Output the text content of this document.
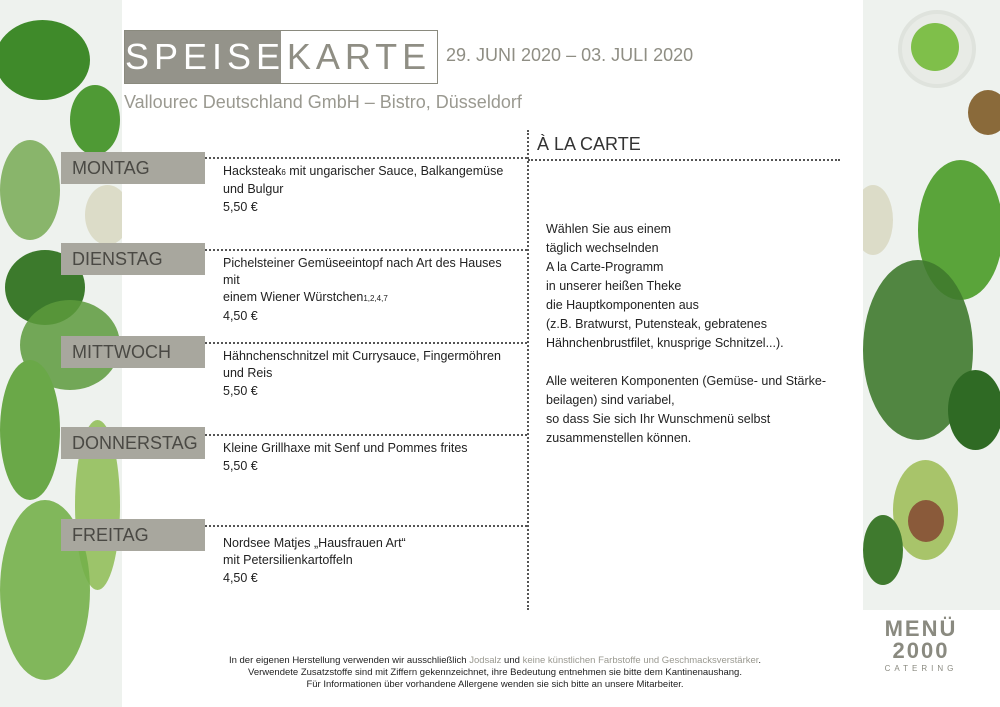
SPEISE KARTE 29. JUNI 2020 – 03. JULI 2020
Vallourec Deutschland GmbH – Bistro, Düsseldorf
MONTAG	Hacksteak6 mit ungarischer Sauce, Balkangemüse
und Bulgur
5,50 €
DIENSTAG	Pichelsteiner Gemüseeintopf nach Art des Hauses mit
einem Wiener Würstchen1,2,4,7
4,50 €
MITTWOCH	Hähnchenschnitzel mit Currysauce, Fingermöhren
und Reis
5,50 €
DONNERSTAG	Kleine Grillhaxe mit Senf und Pommes frites
5,50 €
FREITAG	Nordsee Matjes „Hausfrauen Art“
mit Petersilienkartoffeln
4,50 €
À LA CARTE

Wählen Sie aus einem
täglich wechselnden
A la Carte-Programm
in unserer heißen Theke
die Hauptkomponenten aus
(z.B. Bratwurst, Putensteak, gebratenes
Hähnchenbrustfilet, knusprige Schnitzel...).

Alle weiteren Komponenten (Gemüse- und Stärke-
beilagen) sind variabel,
so dass Sie sich Ihr Wunschmenü selbst
zusammenstellen können.

In der eigenen Herstellung verwenden wir ausschließlich Jodsalz und keine künstlichen Farbstoffe und Geschmacksverstärker.
Verwendete Zusatzstoffe sind mit Ziffern gekennzeichnet, ihre Bedeutung entnehmen sie bitte dem Kantinenaushang.
Für Informationen über vorhandene Allergene wenden sie sich bitte an unsere Mitarbeiter.
MENÜ
2000
CATERING
